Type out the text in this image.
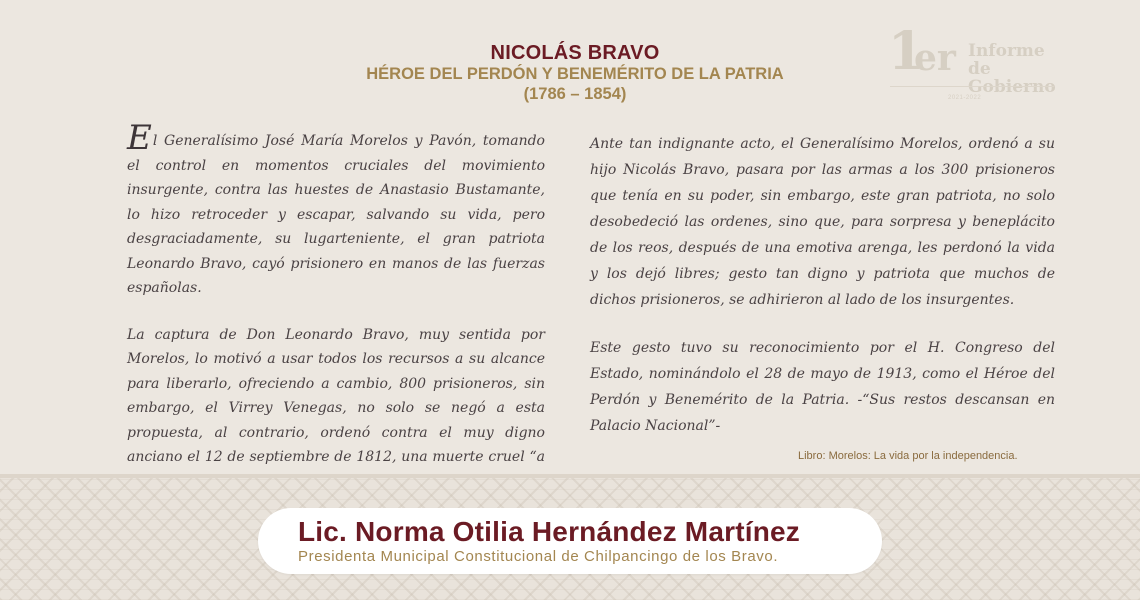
NICOLÁS BRAVO
HÉROE DEL PERDÓN Y BENEMÉRITO DE LA PATRIA
(1786 – 1854)
1
er Informe de Gobierno
2021-2022

El Generalísimo José María Morelos y Pavón, tomando el control en momentos cruciales del movimiento insurgente, contra las huestes de Anastasio Bustamante, lo hizo retroceder y escapar, salvando su vida, pero desgraciadamente, su lugarteniente, el gran patriota Leonardo Bravo, cayó prisionero en manos de las fuerzas españolas.

La captura de Don Leonardo Bravo, muy sentida por Morelos, lo motivó a usar todos los recursos a su alcance para liberarlo, ofreciendo a cambio, 800 prisioneros, sin embargo, el Virrey Venegas, no solo se negó a esta propuesta, al contrario, ordenó contra el muy digno anciano el 12 de septiembre de 1812, una muerte cruel “a

Ante tan indignante acto, el Generalísimo Morelos, ordenó a su hijo Nicolás Bravo, pasara por las armas a los 300 prisioneros que tenía en su poder, sin embargo, este gran patriota, no solo desobedeció las ordenes, sino que, para sorpresa y beneplácito de los reos, después de una emotiva arenga, les perdonó la vida y los dejó libres; gesto tan digno y patriota que muchos de dichos prisioneros, se adhirieron al lado de los insurgentes.

Este gesto tuvo su reconocimiento por el H. Congreso del Estado, nominándolo el 28 de mayo de 1913, como el Héroe del Perdón y Benemérito de la Patria. -“Sus restos descansan en Palacio Nacional”-

Libro: Morelos: La vida por la independencia.
Lic. Norma Otilia Hernández Martínez
Presidenta Municipal Constitucional de Chilpancingo de los Bravo.
